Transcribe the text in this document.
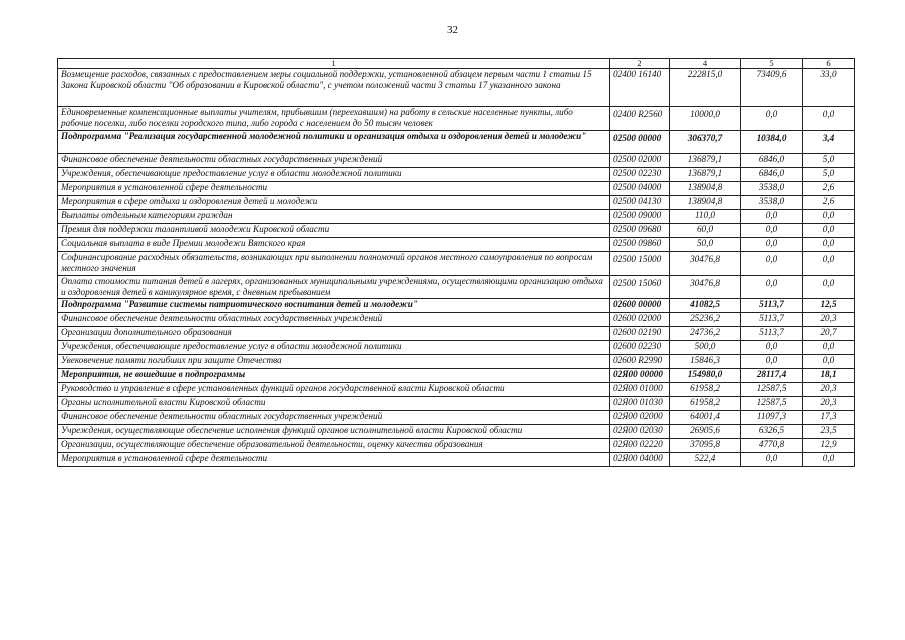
32
1	2	4	5	6
Возмещение расходов, связанных с предоставлением меры социальной поддержки, установленной абзацем первым части 1 статьи 15 Закона Кировской области "Об образовании в Кировской области", с учетом положений части 3 статьи 17 указанного закона	02400 16140	222815,0	73409,6	33,0
Единовременные компенсационные выплаты учителям, прибывшим (переехавшим) на работу в сельские населенные пункты, либо рабочие поселки, либо поселки городского типа, либо города с населением до 50 тысяч человек	02400 R2560	10000,0	0,0	0,0
Подпрограмма "Реализация государственной молодежной политики и организация отдыха и оздоровления детей и молодежи"	02500 00000	306370,7	10384,0	3,4
Финансовое обеспечение деятельности областных государственных учреждений	02500 02000	136879,1	6846,0	5,0
Учреждения, обеспечивающие предоставление услуг в области молодежной политики	02500 02230	136879,1	6846,0	5,0
Мероприятия в установленной сфере деятельности	02500 04000	138904,8	3538,0	2,6
Мероприятия в сфере отдыха и оздоровления детей и молодежи	02500 04130	138904,8	3538,0	2,6
Выплаты отдельным категориям граждан	02500 09000	110,0	0,0	0,0
Премия для поддержки талантливой молодежи Кировской области	02500 09680	60,0	0,0	0,0
Социальная выплата в виде Премии молодежи Вятского края	02500 09860	50,0	0,0	0,0
Софинансирование расходных обязательств, возникающих при выполнении полномочий органов местного самоуправления по вопросам местного значения	02500 15000	30476,8	0,0	0,0
Оплата стоимости питания детей в лагерях, организованных муниципальными учреждениями, осуществляющими организацию отдыха и оздоровления детей в каникулярное время, с дневным пребыванием	02500 15060	30476,8	0,0	0,0
Подпрограмма "Развитие системы патриотического воспитания детей и молодежи"	02600 00000	41082,5	5113,7	12,5
Финансовое обеспечение деятельности областных государственных учреждений	02600 02000	25236,2	5113,7	20,3
Организации дополнительного образования	02600 02190	24736,2	5113,7	20,7
Учреждения, обеспечивающие предоставление услуг в области молодежной политики	02600 02230	500,0	0,0	0,0
Увековечение памяти погибших при защите Отечества	02600 R2990	15846,3	0,0	0,0
Мероприятия, не вошедшие в подпрограммы	02Я00 00000	154980,0	28117,4	18,1
Руководство и управление в сфере установленных функций органов государственной власти Кировской области	02Я00 01000	61958,2	12587,5	20,3
Органы исполнительной власти Кировской области	02Я00 01030	61958,2	12587,5	20,3
Финансовое обеспечение деятельности областных государственных учреждений	02Я00 02000	64001,4	11097,3	17,3
Учреждения, осуществляющие обеспечение исполнения функций органов исполнительной власти Кировской области	02Я00 02030	26905,6	6326,5	23,5
Организации, осуществляющие обеспечение образовательной деятельности, оценку качества образования	02Я00 02220	37095,8	4770,8	12,9
Мероприятия в установленной сфере деятельности	02Я00 04000	522,4	0,0	0,0
